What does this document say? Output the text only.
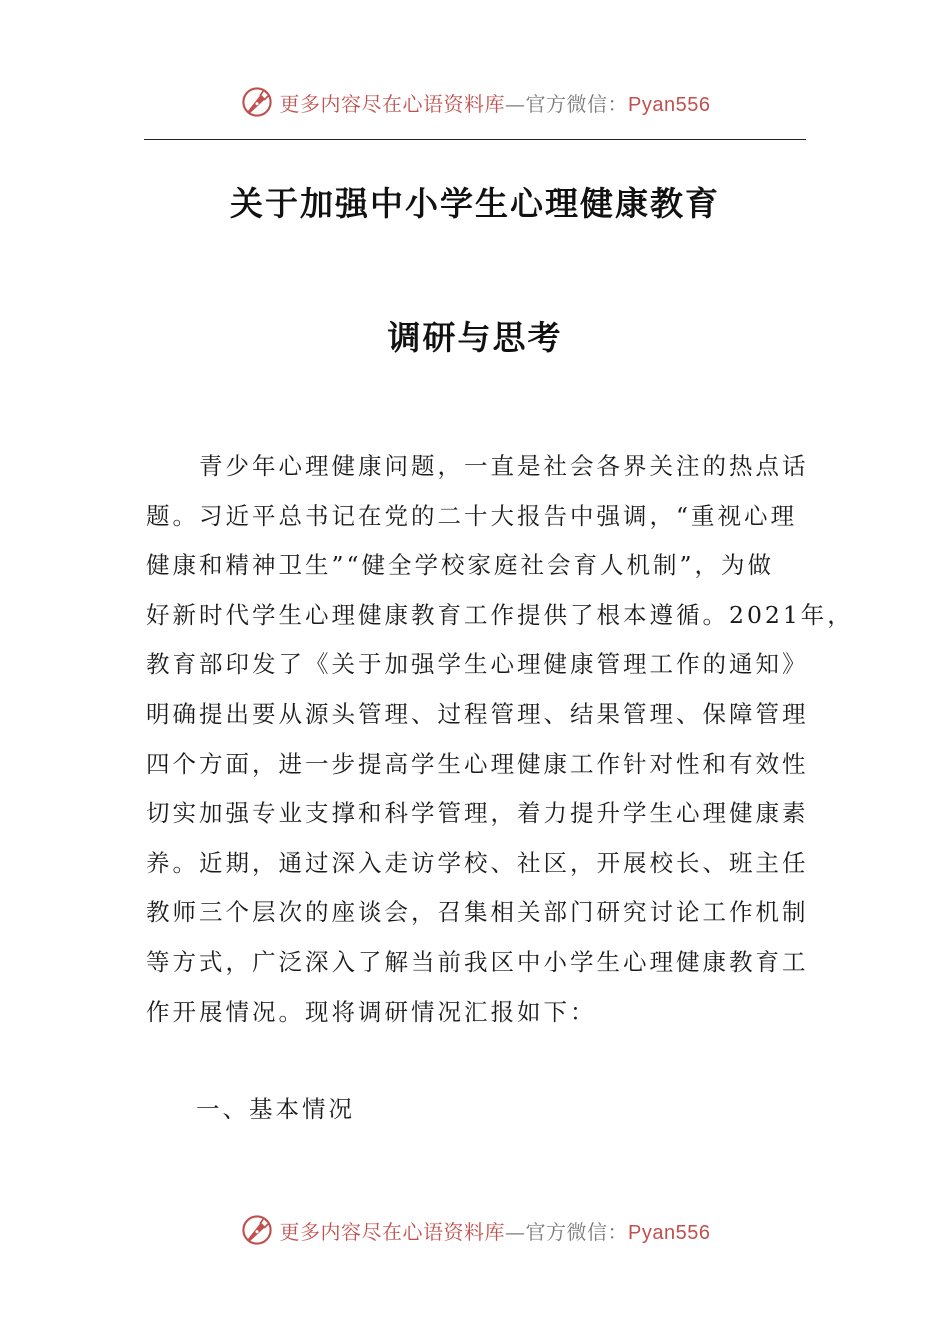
更多内容尽在心语资料库—官方微信：Pyan556
关于加强中小学生心理健康教育
调研与思考

　　青少年心理健康问题，一直是社会各界关注的热点话
题。习近平总书记在党的二十大报告中强调，“重视心理
健康和精神卫生”“健全学校家庭社会育人机制”，为做
好新时代学生心理健康教育工作提供了根本遵循。2021年，
教育部印发了《关于加强学生心理健康管理工作的通知》
明确提出要从源头管理、过程管理、结果管理、保障管理
四个方面，进一步提高学生心理健康工作针对性和有效性
切实加强专业支撑和科学管理，着力提升学生心理健康素
养。近期，通过深入走访学校、社区，开展校长、班主任
教师三个层次的座谈会，召集相关部门研究讨论工作机制
等方式，广泛深入了解当前我区中小学生心理健康教育工
作开展情况。现将调研情况汇报如下：

一、基本情况
更多内容尽在心语资料库—官方微信：Pyan556
